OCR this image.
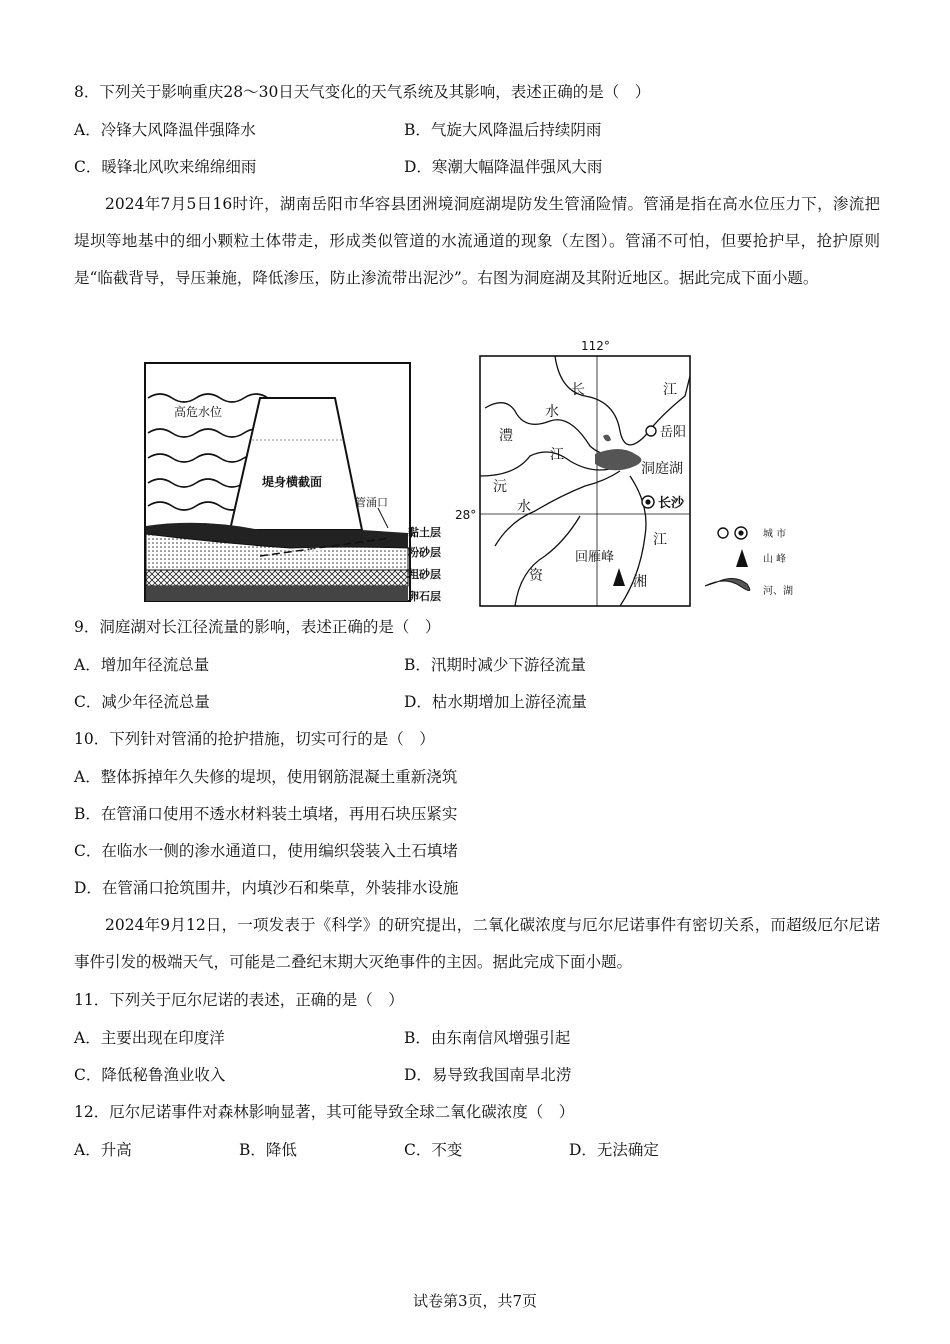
8．下列关于影响重庆28～30日天气变化的天气系统及其影响，表述正确的是（　）
A．冷锋大风降温伴强降水	B．气旋大风降温后持续阴雨
C．暖锋北风吹来绵绵细雨	D．寒潮大幅降温伴强风大雨
2024年7月5日16时许，湖南岳阳市华容县团洲境洞庭湖堤防发生管涌险情。管涌是指在高水位压力下，渗流把堤坝等地基中的细小颗粒土体带走，形成类似管道的水流通道的现象（左图）。管涌不可怕，但要抢护早，抢护原则是“临截背导，导压兼施，降低渗压，防止渗流带出泥沙”。右图为洞庭湖及其附近地区。据此完成下面小题。
高危水位
堤身横截面
管涌口
排水
黏土层
粉砂层
粗砂层
卵石层
112°
28°
长	江
岳阳
澧
水
江
洞庭湖
沅
水	长沙
江
回雁峰
资	湘
城 市
山 峰
河、湖
9．洞庭湖对长江径流量的影响，表述正确的是（　）
A．增加年径流总量	B．汛期时减少下游径流量
C．减少年径流总量	D．枯水期增加上游径流量
10．下列针对管涌的抢护措施，切实可行的是（　）
A．整体拆掉年久失修的堤坝，使用钢筋混凝土重新浇筑
B．在管涌口使用不透水材料装土填堵，再用石块压紧实
C．在临水一侧的渗水通道口，使用编织袋装入土石填堵
D．在管涌口抢筑围井，内填沙石和柴草，外装排水设施
2024年9月12日，一项发表于《科学》的研究提出，二氧化碳浓度与厄尔尼诺事件有密切关系，而超级厄尔尼诺事件引发的极端天气，可能是二叠纪末期大灭绝事件的主因。据此完成下面小题。
11．下列关于厄尔尼诺的表述，正确的是（　）
A．主要出现在印度洋	B．由东南信风增强引起
C．降低秘鲁渔业收入	D．易导致我国南旱北涝
12．厄尔尼诺事件对森林影响显著，其可能导致全球二氧化碳浓度（　）
A．升高	B．降低	C．不变	D．无法确定
试卷第3页，共7页
